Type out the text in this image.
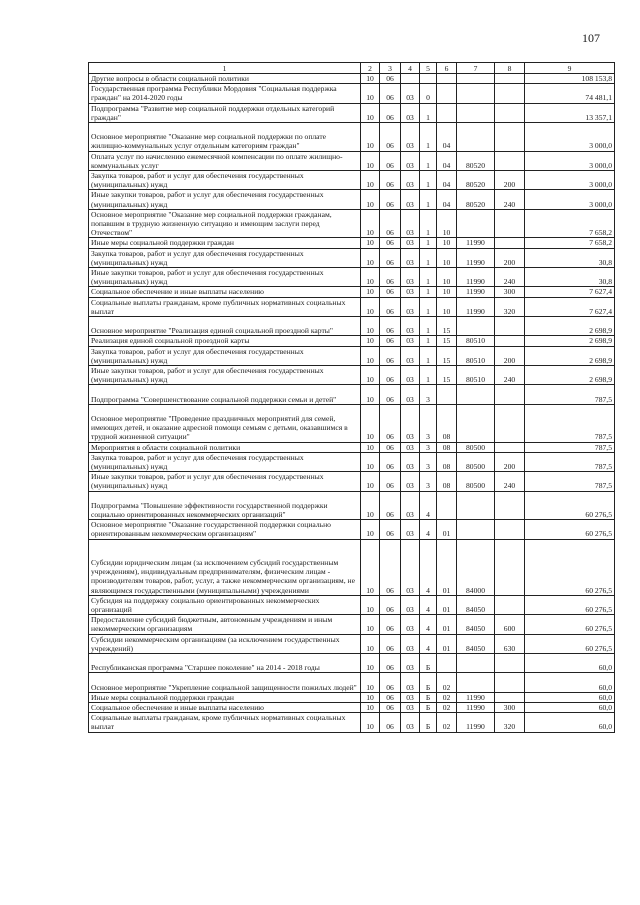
107
1	2	3	4	5	6	7	8	9
Другие вопросы в области социальной политики	10	06						108 153,8
Государственная программа Республики Мордовия "Социальная поддержка граждан" на 2014-2020 годы	10	06	03	0				74 481,1
Подпрограмма "Развитие мер социальной поддержки отдельных категорий граждан"	10	06	03	1				13 357,1
Основное мероприятие "Оказание мер социальной поддержки по оплате жилищно-коммунальных услуг отдельным категориям граждан"	10	06	03	1	04			3 000,0
Оплата услуг по начислению ежемесячной компенсации по оплате жилищно-коммунальных услуг	10	06	03	1	04	80520		3 000,0
Закупка товаров, работ и услуг для обеспечения государственных (муниципальных) нужд	10	06	03	1	04	80520	200	3 000,0
Иные закупки товаров, работ и услуг для обеспечения государственных (муниципальных) нужд	10	06	03	1	04	80520	240	3 000,0
Основное мероприятие "Оказание мер социальной поддержки гражданам, попавшим в трудную жизненную ситуацию и имеющим заслуги перед Отечеством"	10	06	03	1	10			7 658,2
Иные меры социальной поддержки граждан	10	06	03	1	10	11990		7 658,2
Закупка товаров, работ и услуг для обеспечения государственных (муниципальных) нужд	10	06	03	1	10	11990	200	30,8
Иные закупки товаров, работ и услуг для обеспечения государственных (муниципальных) нужд	10	06	03	1	10	11990	240	30,8
Социальное обеспечение и иные выплаты населению	10	06	03	1	10	11990	300	7 627,4
Социальные выплаты гражданам, кроме публичных нормативных социальных выплат	10	06	03	1	10	11990	320	7 627,4
Основное мероприятие "Реализация единой социальной проездной карты"	10	06	03	1	15			2 698,9
Реализация единой социальной проездной карты	10	06	03	1	15	80510		2 698,9
Закупка товаров, работ и услуг для обеспечения государственных (муниципальных) нужд	10	06	03	1	15	80510	200	2 698,9
Иные закупки товаров, работ и услуг для обеспечения государственных (муниципальных) нужд	10	06	03	1	15	80510	240	2 698,9
Подпрограмма "Совершенствование социальной поддержки семьи и детей"	10	06	03	3				787,5
Основное мероприятие "Проведение праздничных мероприятий для семей, имеющих детей, и оказание адресной помощи семьям с детьми, оказавшимся в трудной жизненной ситуации"	10	06	03	3	08			787,5
Мероприятия в области социальной политики	10	06	03	3	08	80500		787,5
Закупка товаров, работ и услуг для обеспечения государственных (муниципальных) нужд	10	06	03	3	08	80500	200	787,5
Иные закупки товаров, работ и услуг для обеспечения государственных (муниципальных) нужд	10	06	03	3	08	80500	240	787,5
Подпрограмма "Повышение эффективности государственной поддержки социально ориентированных некоммерческих организаций"	10	06	03	4				60 276,5
Основное мероприятие "Оказание государственной поддержки социально ориентированным некоммерческим организациям"	10	06	03	4	01			60 276,5
Субсидии юридическим лицам (за исключением субсидий государственным учреждениям), индивидуальным предпринимателям, физическим лицам - производителям товаров, работ, услуг, а также некоммерческим организациям, не являющимся государственными (муниципальными) учреждениями	10	06	03	4	01	84000		60 276,5
Субсидия на поддержку социально ориентированных некоммерческих организаций	10	06	03	4	01	84050		60 276,5
Предоставление субсидий бюджетным, автономным учреждениям и иным некоммерческим организациям	10	06	03	4	01	84050	600	60 276,5
Субсидии некоммерческим организациям (за исключением государственных учреждений)	10	06	03	4	01	84050	630	60 276,5
Республиканская программа "Старшее поколение" на 2014 - 2018 годы	10	06	03	Б				60,0
Основное мероприятие "Укрепление социальной защищенности пожилых людей"	10	06	03	Б	02			60,0
Иные меры социальной поддержки граждан	10	06	03	Б	02	11990		60,0
Социальное обеспечение и иные выплаты населению	10	06	03	Б	02	11990	300	60,0
Социальные выплаты гражданам, кроме публичных нормативных социальных выплат	10	06	03	Б	02	11990	320	60,0
